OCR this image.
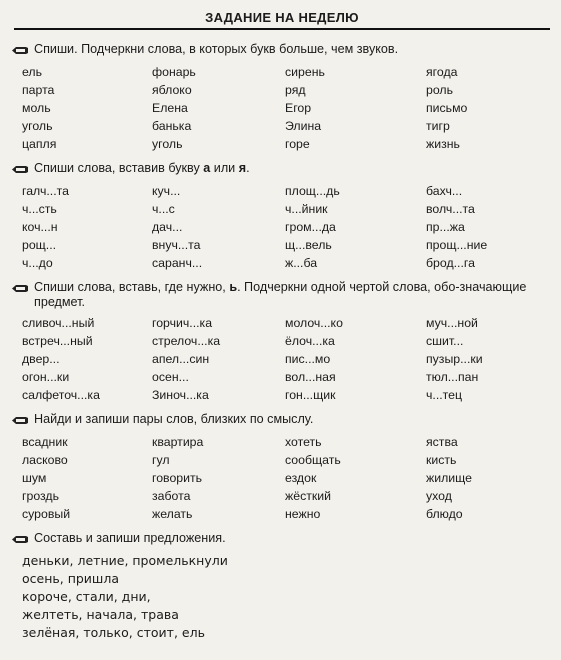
ЗАДАНИЕ НА НЕДЕЛЮ
Спиши. Подчеркни слова, в которых букв больше, чем звуков.
ель	фонарь	сирень	ягода
парта	яблоко	ряд	роль
моль	Елена	Егор	письмо
уголь	банька	Элина	тигр
цапля	уголь	горе	жизнь
Спиши слова, вставив букву а или я.
галч...та	куч...	площ...дь	бахч...
ч...сть	ч...с	ч...йник	волч...та
коч...н	дач...	гром...да	пр...жа
рощ...	внуч...та	щ...вель	прощ...ние
ч...до	саранч...	ж...ба	брод...га
Спиши слова, вставь, где нужно, ь. Подчеркни одной чертой слова, обо-значающие предмет.
сливоч...ный	горчич...ка	молоч...ко	муч...ной
встреч...ный	стрелоч...ка	ёлоч...ка	сшит...
двер...	апел...син	пис...мо	пузыр...ки
огон...ки	осен...	вол...ная	тюл...пан
салфеточ...ка	Зиноч...ка	гон...щик	ч...тец
Найди и запиши пары слов, близких по смыслу.
всадник	квартира	хотеть	яства
ласково	гул	сообщать	кисть
шум	говорить	ездок	жилище
гроздь	забота	жёсткий	уход
суровый	желать	нежно	блюдо
Составь и запиши предложения.
деньки, летние, промелькнули
осень, пришла
короче, стали, дни,
желтеть, начала, трава
зелёная, только, стоит, ель
